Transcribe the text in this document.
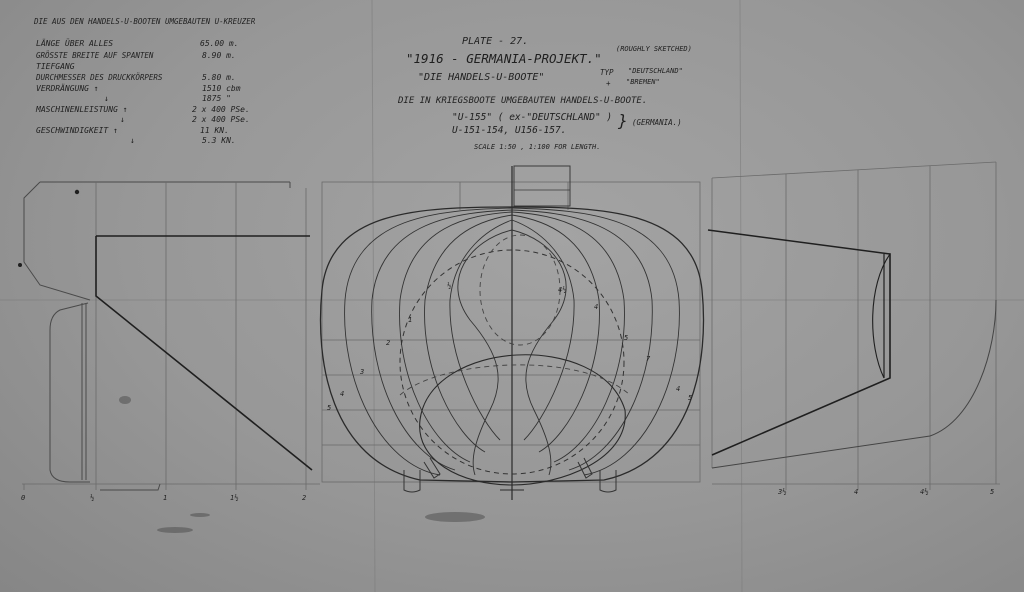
DIE AUS DEN HANDELS-U-BOOTEN UMGEBAUTEN U-KREUZER
LÄNGE ÜBER ALLES	65.00 m.
GRÖSSTE BREITE AUF SPANTEN	8.90 m.
TIEFGANG
DURCHMESSER DES DRUCKKÖRPERS	5.80 m.
VERDRÄNGUNG ↑	1510 cbm
↓	1875 "
MASCHINENLEISTUNG ↑	2 x 400 PSe.
↓	2 x 400 PSe.
GESCHWINDIGKEIT ↑	11 KN.
↓	5.3 KN.
PLATE - 27.
"1916 - GERMANIA-PROJEKT."
(ROUGHLY SKETCHED)
"DIE HANDELS-U-BOOTE"	TYP "DEUTSCHLAND"
+ "BREMEN"
DIE IN KRIEGSBOOTE UMGEBAUTEN HANDELS-U-BOOTE.
"U-155" ( ex-"DEUTSCHLAND" )
U-151-154, U156-157.
} (GERMANIA.)
SCALE 1:50 , 1:100 FOR LENGTH.
0	½	1	1½	2
3½	4	4½	5
½
1
2
3
4
5
4½
4
5
7
4
5
